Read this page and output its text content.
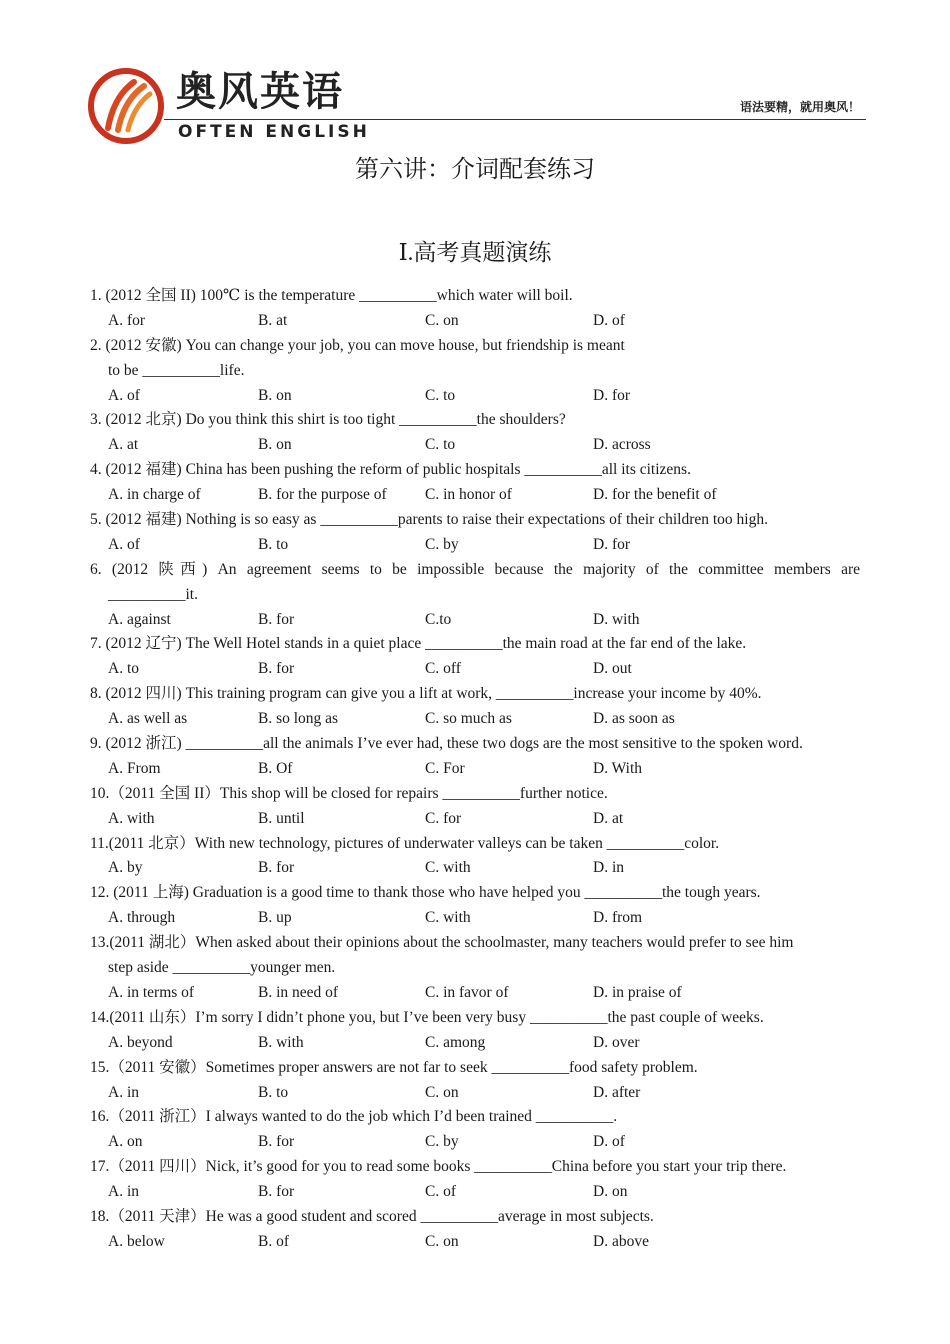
奥风英语
OFTEN ENGLISH
语法要精，就用奥风！
第六讲：介词配套练习
Ⅰ.高考真题演练
1. (2012 全国 II) 100℃ is the temperature __________which water will boil.
A. for	B. at	C. on	D. of
2. (2012 安徽) You can change your job, you can move house, but friendship is meant
to be __________life.
A. of	B. on	C. to	D. for
3. (2012 北京) Do you think this shirt is too tight __________the shoulders?
A. at	B. on	C. to	D. across
4. (2012 福建) China has been pushing the reform of public hospitals __________all its citizens.
A. in charge of	B. for the purpose of C. in honor of	D. for the benefit of
5. (2012 福建) Nothing is so easy as __________parents to raise their expectations of their children too high.
A. of	B. to	C. by	D. for
6. (2012 陕西) An agreement seems to be impossible because the majority of the committee members are
__________it.
A. against	B. for	C.to	D. with
7. (2012 辽宁) The Well Hotel stands in a quiet place __________the main road at the far end of the lake.
A. to	B. for	C. off	D. out
8. (2012 四川) This training program can give you a lift at work, __________increase your income by 40%.
A. as well as	B. so long as	C. so much as	D. as soon as
9. (2012 浙江) __________all the animals I’ve ever had, these two dogs are the most sensitive to the spoken word.
A. From	B. Of	C. For	D. With
10.（2011 全国 II）This shop will be closed for repairs __________further notice.
A. with	B. until	C. for	D. at
11.(2011 北京）With new technology, pictures of underwater valleys can be taken __________color.
A. by	B. for	C. with	D. in
12. (2011 上海) Graduation is a good time to thank those who have helped you __________the tough years.
A. through	B. up	C. with	D. from
13.(2011 湖北）When asked about their opinions about the schoolmaster, many teachers would prefer to see him
step aside __________younger men.
A. in terms of	B. in need of	C. in favor of	D. in praise of
14.(2011 山东）I’m sorry I didn’t phone you, but I’ve been very busy __________the past couple of weeks.
A. beyond	B. with	C. among	D. over
15.（2011 安徽）Sometimes proper answers are not far to seek __________food safety problem.
A. in	B. to	C. on	D. after
16.（2011 浙江）I always wanted to do the job which I’d been trained __________.
A. on	B. for	C. by	D. of
17.（2011 四川）Nick, it’s good for you to read some books __________China before you start your trip there.
A. in	B. for	C. of	D. on
18.（2011 天津）He was a good student and scored __________average in most subjects.
A. below	B. of	C. on	D. above
